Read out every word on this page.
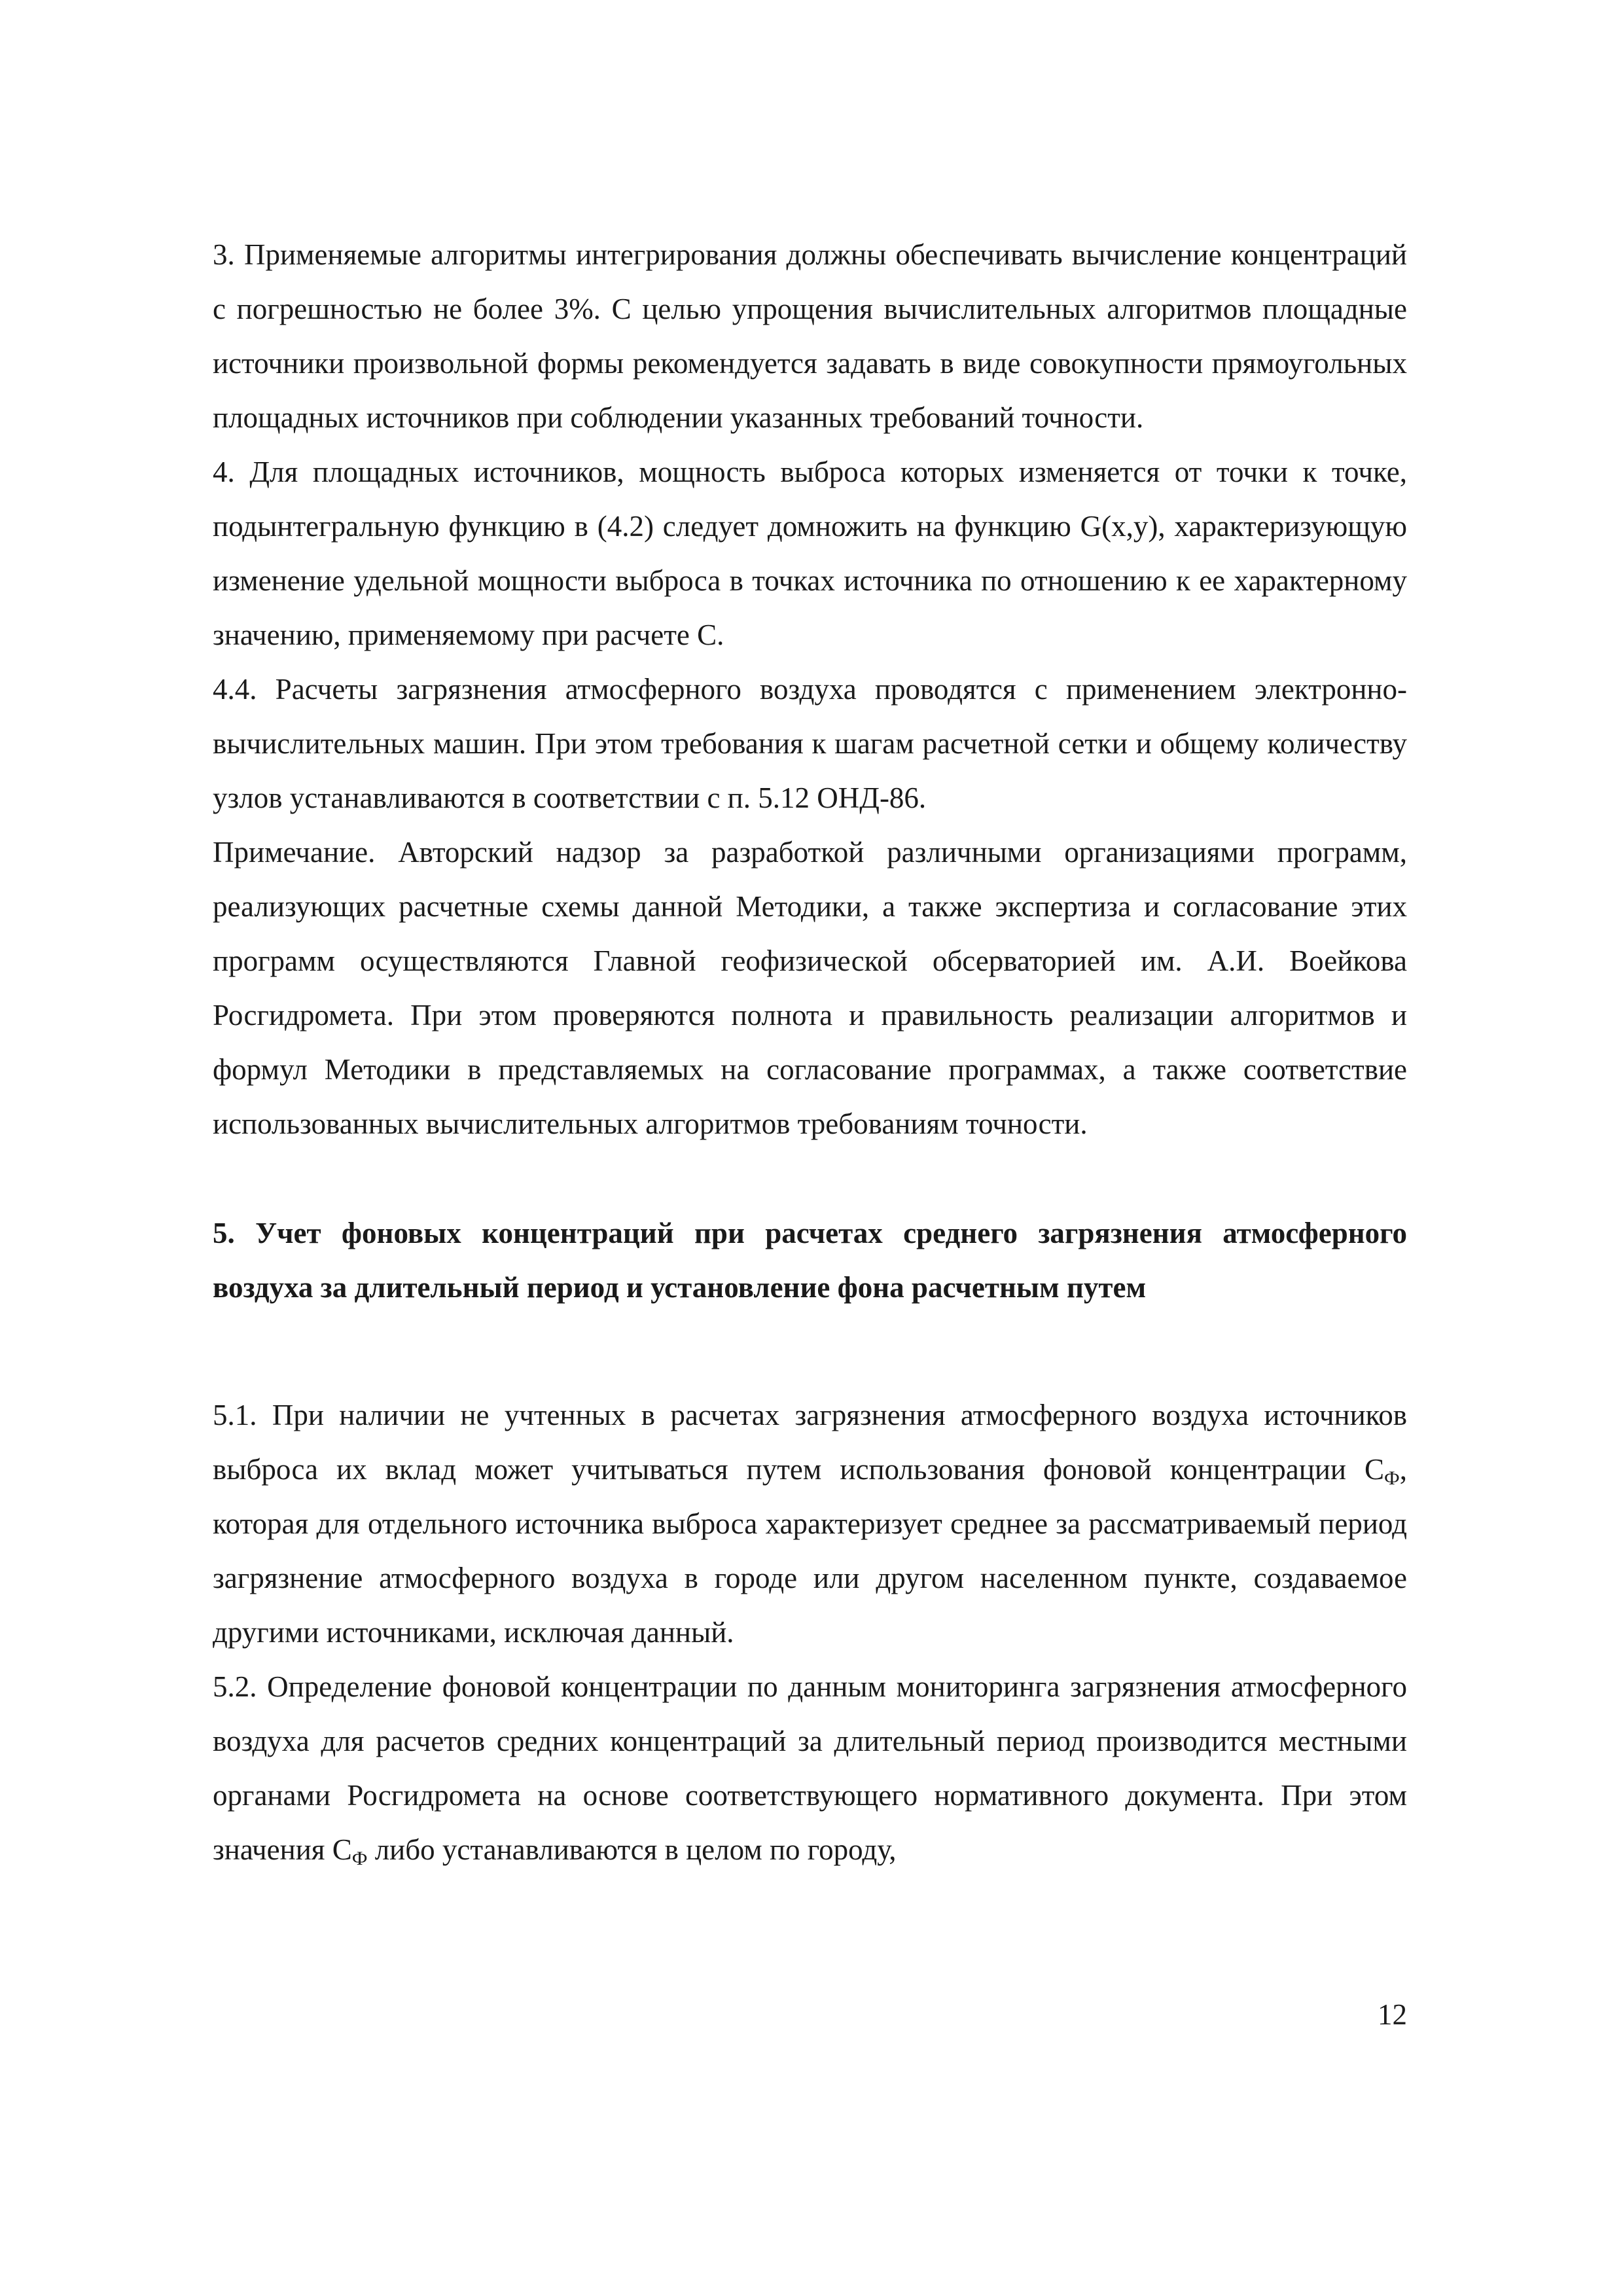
3. Применяемые алгоритмы интегрирования должны обеспечивать вычисление концентраций с погрешностью не более 3%. С целью упрощения вычислительных алгоритмов площадные источники произвольной формы рекомендуется задавать в виде совокупности прямоугольных площадных источников при соблюдении указанных требований точности.

4. Для площадных источников, мощность выброса которых изменяется от точки к точке, подынтегральную функцию в (4.2) следует домножить на функцию G(x,y), характеризующую изменение удельной мощности выброса в точках источника по отношению к ее характерному значению, применяемому при расчете С.

4.4. Расчеты загрязнения атмосферного воздуха проводятся с применением электронно-вычислительных машин. При этом требования к шагам расчетной сетки и общему количеству узлов устанавливаются в соответствии с п. 5.12 ОНД-86.

Примечание. Авторский надзор за разработкой различными организациями программ, реализующих расчетные схемы данной Методики, а также экспертиза и согласование этих программ осуществляются Главной геофизической обсерваторией им. А.И. Воейкова Росгидромета. При этом проверяются полнота и правильность реализации алгоритмов и формул Методики в представляемых на согласование программах, а также соответствие использованных вычислительных алгоритмов требованиям точности.

5. Учет фоновых концентраций при расчетах среднего загрязнения атмосферного воздуха за длительный период и установление фона расчетным путем

5.1. При наличии не учтенных в расчетах загрязнения атмосферного воздуха источников выброса их вклад может учитываться путем использования фоновой концентрации СФ, которая для отдельного источника выброса характеризует среднее за рассматриваемый период загрязнение атмосферного воздуха в городе или другом населенном пункте, создаваемое другими источниками, исключая данный.

5.2. Определение фоновой концентрации по данным мониторинга загрязнения атмосферного воздуха для расчетов средних концентраций за длительный период производится местными органами Росгидромета на основе соответствующего нормативного документа. При этом значения СФ либо устанавливаются в целом по городу,

12
